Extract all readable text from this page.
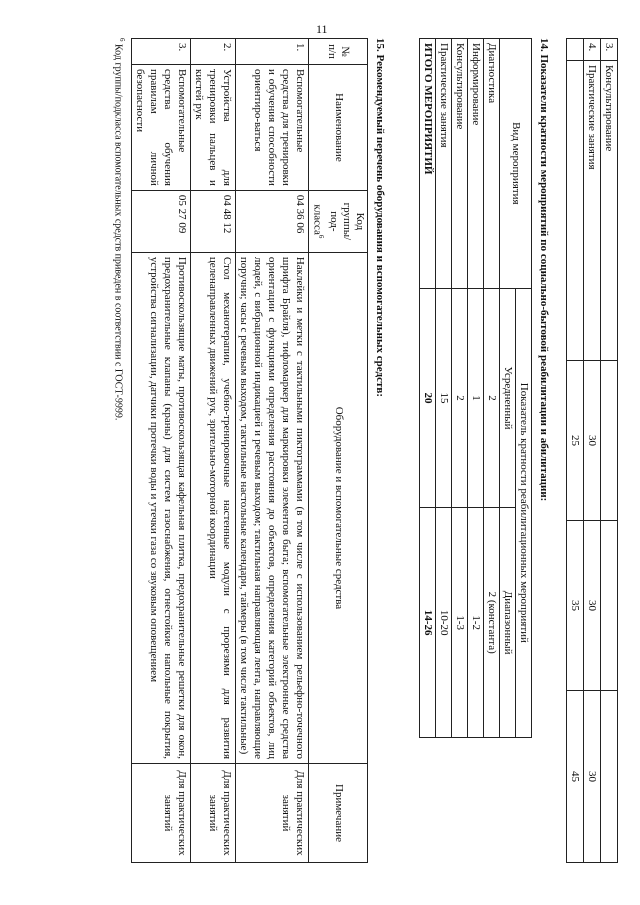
11
3.	Консультирование			
4.	Практические занятия	30	30	30
		25	35	45
14. Показатели кратности мероприятий по социально-бытовой реабилитации и абилитации:
Вид мероприятия	Показатель кратности реабилитационных мероприятий	
	Усредненный	Диапазонный
Диагностика	2	2 (константа)
Информирование	1	1-2
Консультирование	2	1-3
Практические занятия	15	10-20
ИТОГО МЕРОПРИЯТИЙ	20	14-26
15. Рекомендуемый перечень оборудования и вспомогательных средств:
№ п/п	Наименование	Код группы/под-класса$^6$	Оборудование и вспомогательные средства	Примечание
1.	Вспомогательные средства для тренировки и обучения способности ориентиро-ваться	04 36 06	Наклейки и метки с тактильными пиктограммами (в том числе с использованием рельефно-точечного шрифта Брайля), тифломаркер для маркировки элементов быта; вспомогательные электронные средства ориентации с функциями определения расстояния до объектов, определения категорий объектов, лиц людей, с вибрационной индикацией и речевым выходом; тактильная направляющая лента, направляющие поручни; часы с речевым выходом, тактильные настольные календари, таймеры (в том числе тактильные)	Для практических занятий
2.	Устройства для тренировки пальцев и кистей рук	04 48 12	Стол механотерапии, учебно-тренировочные настенные модули с прорезями для развития целенаправленных движений рук, зрительно-моторной координации	Для практических занятий
3.	Вспомогательные средства обучения правилам личной безопасности	05 27 09	Противоскользящие маты, противоскользящая кафельная плитка, предохранительные решетки для окон, предохранительные клапаны (краны) для систем газоснабжения, огнестойкие напольные покрытия, устройства сигнализации, датчики протечки воды и утечки газа со звуковым оповещением	Для практических занятий
$^6$ Код группы/подкласса вспомогательных средств приведен в соответствии с ГОСТ-9999.
